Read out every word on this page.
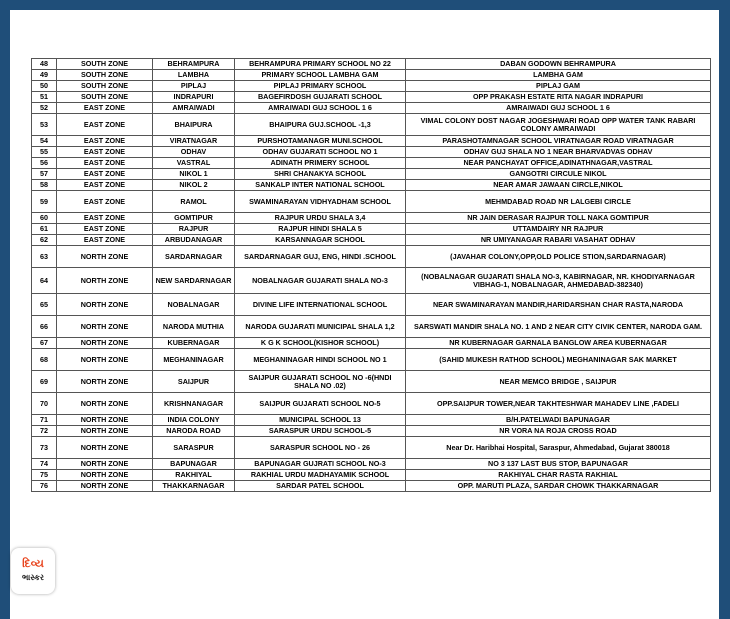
48	SOUTH ZONE	BEHRAMPURA	BEHRAMPURA PRIMARY SCHOOL NO 22	DABAN GODOWN BEHRAMPURA
49	SOUTH ZONE	LAMBHA	PRIMARY SCHOOL LAMBHA GAM	LAMBHA GAM
50	SOUTH ZONE	PIPLAJ	PIPLAJ PRIMARY SCHOOL	PIPLAJ GAM
51	SOUTH ZONE	INDRAPURI	BAGEFIRDOSH GUJARATI SCHOOL	OPP PRAKASH ESTATE RITA NAGAR INDRAPURI
52	EAST ZONE	AMRAIWADI	AMRAIWADI GUJ SCHOOL 1 6	AMRAIWADI GUJ SCHOOL 1 6
53	EAST ZONE	BHAIPURA	BHAIPURA GUJ.SCHOOL -1,3	VIMAL COLONY DOST NAGAR JOGESHWARI ROAD OPP WATER TANK RABARI COLONY AMRAIWADI
54	EAST ZONE	VIRATNAGAR	PURSHOTAMANAGR MUNI.SCHOOL	PARASHOTAMNAGAR SCHOOL VIRATNAGAR ROAD VIRATNAGAR
55	EAST ZONE	ODHAV	ODHAV GUJARATI SCHOOL NO 1	ODHAV GUJ SHALA NO 1 NEAR BHARVADVAS ODHAV
56	EAST ZONE	VASTRAL	ADINATH PRIMERY SCHOOL	NEAR PANCHAYAT OFFICE,ADINATHNAGAR,VASTRAL
57	EAST ZONE	NIKOL 1	SHRI CHANAKYA SCHOOL	GANGOTRI CIRCULE NIKOL
58	EAST ZONE	NIKOL 2	SANKALP INTER NATIONAL SCHOOL	NEAR AMAR JAWAAN CIRCLE,NIKOL
59	EAST ZONE	RAMOL	SWAMINARAYAN VIDHYADHAM SCHOOL	MEHMDABAD ROAD NR LALGEBI CIRCLE
60	EAST ZONE	GOMTIPUR	RAJPUR URDU SHALA 3,4	NR JAIN DERASAR RAJPUR TOLL NAKA GOMTIPUR
61	EAST ZONE	RAJPUR	RAJPUR HINDI SHALA 5	UTTAMDAIRY NR RAJPUR
62	EAST ZONE	ARBUDANAGAR	KARSANNAGAR SCHOOL	NR UMIYANAGAR RABARI VASAHAT ODHAV
63	NORTH ZONE	SARDARNAGAR	SARDARNAGAR GUJ, ENG, HINDI .SCHOOL	(JAVAHAR COLONY,OPP,OLD POLICE STION,SARDARNAGAR)
64	NORTH ZONE	NEW SARDARNAGAR	NOBALNAGAR GUJARATI SHALA NO-3	(NOBALNAGAR GUJARATI SHALA NO-3, KABIRNAGAR, NR. KHODIYARNAGAR VIBHAG-1, NOBALNAGAR, AHMEDABAD-382340)
65	NORTH ZONE	NOBALNAGAR	DIVINE LIFE INTERNATIONAL SCHOOL	NEAR SWAMINARAYAN MANDIR,HARIDARSHAN CHAR RASTA,NARODA
66	NORTH ZONE	NARODA MUTHIA	NARODA GUJARATI MUNICIPAL SHALA 1,2	SARSWATI MANDIR SHALA NO. 1 AND 2 NEAR CITY CIVIK CENTER, NARODA GAM.
67	NORTH ZONE	KUBERNAGAR	K G K SCHOOL(KISHOR SCHOOL)	NR KUBERNAGAR GARNALA BANGLOW AREA KUBERNAGAR
68	NORTH ZONE	MEGHANINAGAR	MEGHANINAGAR HINDI SCHOOL NO 1	(SAHID MUKESH RATHOD SCHOOL) MEGHANINAGAR SAK MARKET
69	NORTH ZONE	SAIJPUR	SAIJPUR GUJARATI SCHOOL NO -6(HNDI SHALA NO .02)	NEAR MEMCO BRIDGE , SAIJPUR
70	NORTH ZONE	KRISHNANAGAR	SAIJPUR GUJARATI SCHOOL NO-5	OPP.SAIJPUR TOWER,NEAR TAKHTESHWAR MAHADEV LINE ,FADELI
71	NORTH ZONE	INDIA COLONY	MUNICIPAL SCHOOL 13	B/H.PATELWADI BAPUNAGAR
72	NORTH ZONE	NARODA ROAD	SARASPUR URDU SCHOOL-5	NR VORA NA ROJA CROSS ROAD
73	NORTH ZONE	SARASPUR	SARASPUR SCHOOL NO - 26	Near Dr. Haribhai Hospital, Saraspur, Ahmedabad, Gujarat 380018
74	NORTH ZONE	BAPUNAGAR	BAPUNAGAR GUJRATI SCHOOL NO-3	NO 3 137 LAST BUS STOP, BAPUNAGAR
75	NORTH ZONE	RAKHIYAL	RAKHIAL URDU MADHAYAMIK SCHOOL	RAKHIYAL CHAR RASTA RAKHIAL
76	NORTH ZONE	THAKKARNAGAR	SARDAR PATEL SCHOOL	OPP. MARUTI PLAZA, SARDAR CHOWK THAKKARNAGAR
દિવ્ય
ભાસ્કર
